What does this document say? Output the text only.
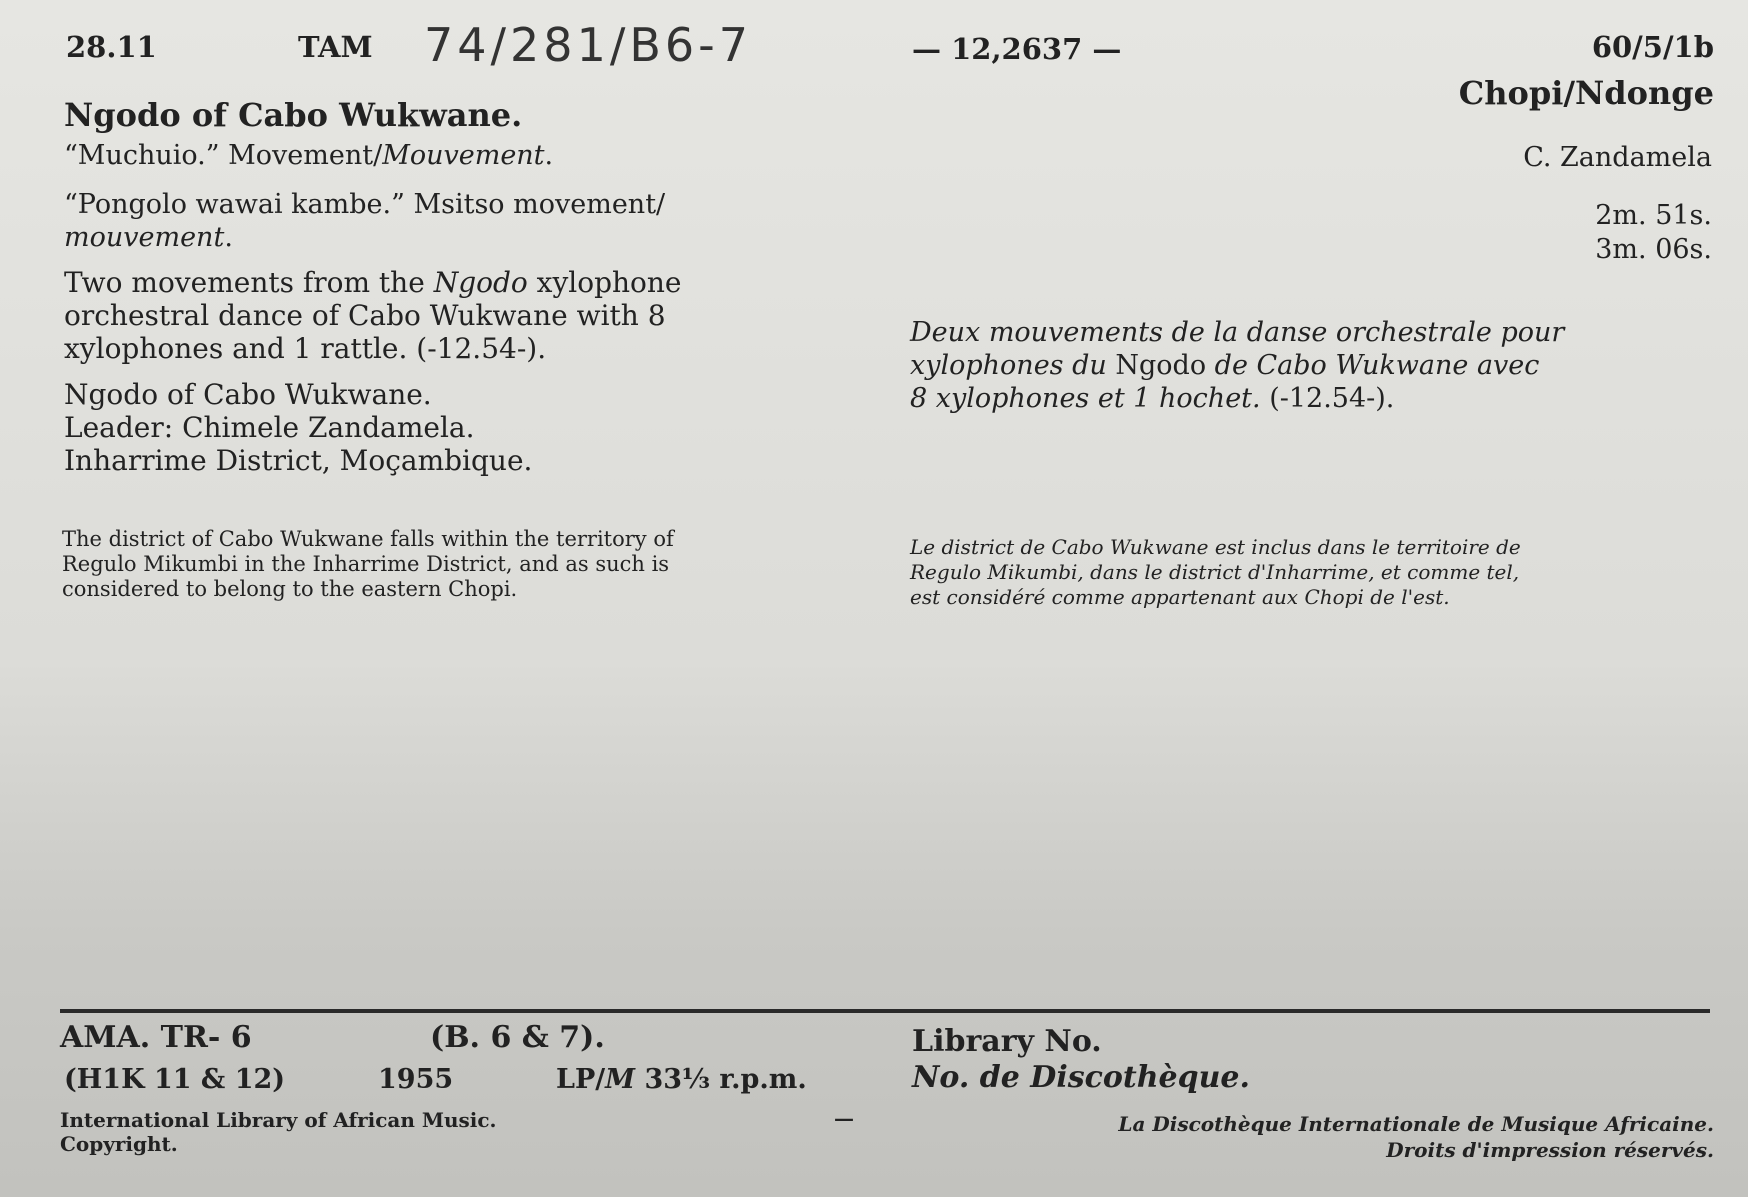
28.11	TAM 74/281/B6-7	— 12,2637 —	60/5/1b
Chopi/Ndonge
Ngodo of Cabo Wukwane.
“Muchuio.” Movement/Mouvement.
“Pongolo wawai kambe.” Msitso movement/
mouvement.
Two movements from the Ngodo xylophone
orchestral dance of Cabo Wukwane with 8
xylophones and 1 rattle. (-12.54-).
Ngodo of Cabo Wukwane.
Leader: Chimele Zandamela.
Inharrime District, Moçambique.
The district of Cabo Wukwane falls within the territory of
Regulo Mikumbi in the Inharrime District, and as such is
considered to belong to the eastern Chopi.
C. Zandamela
2m. 51s.
3m. 06s.
Deux mouvements de la danse orchestrale pour
xylophones du Ngodo de Cabo Wukwane avec
8 xylophones et 1 hochet. (-12.54-).
Le district de Cabo Wukwane est inclus dans le territoire de
Regulo Mikumbi, dans le district d'Inharrime, et comme tel,
est considéré comme appartenant aux Chopi de l'est.
AMA. TR- 6	(B. 6 & 7).
(H1K 11 & 12)	1955	LP/M 33⅓ r.p.m.
International Library of African Music.
Copyright.
—
Library No.
No. de Discothèque.
La Discothèque Internationale de Musique Africaine.
Droits d'impression réservés.
